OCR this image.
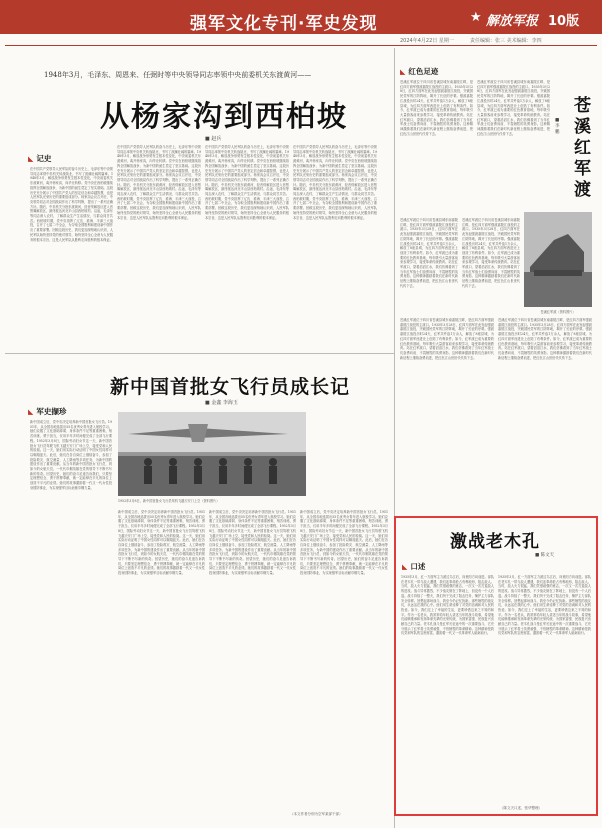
强军文化专刊·军史发现	★ 解放军报 10版
2024年4月22日 星期一	责任编辑：张三 美术编辑：李四
1948年3月，毛泽东、周恩来、任弼时等中央领导同志率领中央前委机关东渡黄河——
从杨家沟到西柏坡
■ 赵兵
◣ 记史
在中国共产党领导人民军队的奋斗历史上，毛泽东等中央领导同志率领中央机关转战陕北，书写了波澜壮阔的篇章。1948年3月，解放战争形势发生根本性变化，中央前委机关东渡黄河，离开杨家沟，向华北转移。党中央在西柏坡继续指挥全国解放战争，为新中国的诞生奠定了坚实基础。这段历史充分展示了中国共产党人的坚定信念和卓越智慧，也是人民军队光荣历史的重要组成部分。杨家沟会议召开后，中央领导同志对全国战局作出了科学判断，提出了一系列正确方针。随后，中央机关分批东渡黄河，经晋绥解放区进入晋察冀解放区，最终抵达河北平山县西柏坡村。沿途，毛泽东等同志深入农村，了解群众生产生活情况，与群众同甘共苦。西柏坡时期，党中央指挥了辽沈、淮海、平津三大战役，召开了七届二中全会，为夺取全国胜利和建设新中国作出了重要部署。回顾这段历史，我们更加深刻地认识到，人民军队始终坚持党的绝对领导，始终坚持全心全意为人民服务的根本宗旨，这是人民军队从胜利走向胜利的根本保证。
在中国共产党领导人民军队的奋斗历史上，毛泽东等中央领导同志率领中央机关转战陕北，书写了波澜壮阔的篇章。1948年3月，解放战争形势发生根本性变化，中央前委机关东渡黄河，离开杨家沟，向华北转移。党中央在西柏坡继续指挥全国解放战争，为新中国的诞生奠定了坚实基础。这段历史充分展示了中国共产党人的坚定信念和卓越智慧，也是人民军队光荣历史的重要组成部分。杨家沟会议召开后，中央领导同志对全国战局作出了科学判断，提出了一系列正确方针。随后，中央机关分批东渡黄河，经晋绥解放区进入晋察冀解放区，最终抵达河北平山县西柏坡村。沿途，毛泽东等同志深入农村，了解群众生产生活情况，与群众同甘共苦。西柏坡时期，党中央指挥了辽沈、淮海、平津三大战役，召开了七届二中全会，为夺取全国胜利和建设新中国作出了重要部署。回顾这段历史，我们更加深刻地认识到，人民军队始终坚持党的绝对领导，始终坚持全心全意为人民服务的根本宗旨，这是人民军队从胜利走向胜利的根本保证。
在中国共产党领导人民军队的奋斗历史上，毛泽东等中央领导同志率领中央机关转战陕北，书写了波澜壮阔的篇章。1948年3月，解放战争形势发生根本性变化，中央前委机关东渡黄河，离开杨家沟，向华北转移。党中央在西柏坡继续指挥全国解放战争，为新中国的诞生奠定了坚实基础。这段历史充分展示了中国共产党人的坚定信念和卓越智慧，也是人民军队光荣历史的重要组成部分。杨家沟会议召开后，中央领导同志对全国战局作出了科学判断，提出了一系列正确方针。随后，中央机关分批东渡黄河，经晋绥解放区进入晋察冀解放区，最终抵达河北平山县西柏坡村。沿途，毛泽东等同志深入农村，了解群众生产生活情况，与群众同甘共苦。西柏坡时期，党中央指挥了辽沈、淮海、平津三大战役，召开了七届二中全会，为夺取全国胜利和建设新中国作出了重要部署。回顾这段历史，我们更加深刻地认识到，人民军队始终坚持党的绝对领导，始终坚持全心全意为人民服务的根本宗旨，这是人民军队从胜利走向胜利的根本保证。
在中国共产党领导人民军队的奋斗历史上，毛泽东等中央领导同志率领中央机关转战陕北，书写了波澜壮阔的篇章。1948年3月，解放战争形势发生根本性变化，中央前委机关东渡黄河，离开杨家沟，向华北转移。党中央在西柏坡继续指挥全国解放战争，为新中国的诞生奠定了坚实基础。这段历史充分展示了中国共产党人的坚定信念和卓越智慧，也是人民军队光荣历史的重要组成部分。杨家沟会议召开后，中央领导同志对全国战局作出了科学判断，提出了一系列正确方针。随后，中央机关分批东渡黄河，经晋绥解放区进入晋察冀解放区，最终抵达河北平山县西柏坡村。沿途，毛泽东等同志深入农村，了解群众生产生活情况，与群众同甘共苦。西柏坡时期，党中央指挥了辽沈、淮海、平津三大战役，召开了七届二中全会，为夺取全国胜利和建设新中国作出了重要部署。回顾这段历史，我们更加深刻地认识到，人民军队始终坚持党的绝对领导，始终坚持全心全意为人民服务的根本宗旨，这是人民军队从胜利走向胜利的根本保证。
新中国首批女飞行员成长记
■ 金鑫 李海玉
◣ 军史撷珍
新中国成立后，党中央决定培养新中国首批女飞行员。1951年，从全国各地选拔出55名优秀女青年进入航校学习。她们克服了文化基础薄弱、身体条件不足等重重困难，刻苦训练，勇于担当，仅用半年多时间便完成了全部飞行课程。1952年3月8日，国际劳动妇女节这一天，新中国首批女飞行员驾驶飞机飞越天安门广场上空，接受党和人民的检阅。这一天，她们用实际行动证明了中国女性同样可以翱翔蓝天。此后，她们在各自岗位上继续奋斗，参加了抢险救灾、航空测量、人工降雨等多项任务，为新中国的建设作出了重要贡献。从当年的新中国首批女飞行员，到如今的女航天员，一代代巾帼英雄在党的领导下不断书写新的传奇。回望历史，她们的奋斗足迹告诉我们，只要坚定理想信念、勇于拼搏奉献，就一定能够在平凡的岗位上创造不平凡的业绩。她们的故事激励着一代又一代女性投身国防事业，为实现强军目标贡献巾帼力量。
1952年3月8日，新中国首批女飞行员驾机飞越天安门上空（资料图片）
新中国成立后，党中央决定培养新中国首批女飞行员。1951年，从全国各地选拔出55名优秀女青年进入航校学习。她们克服了文化基础薄弱、身体条件不足等重重困难，刻苦训练，勇于担当，仅用半年多时间便完成了全部飞行课程。1952年3月8日，国际劳动妇女节这一天，新中国首批女飞行员驾驶飞机飞越天安门广场上空，接受党和人民的检阅。这一天，她们用实际行动证明了中国女性同样可以翱翔蓝天。此后，她们在各自岗位上继续奋斗，参加了抢险救灾、航空测量、人工降雨等多项任务，为新中国的建设作出了重要贡献。从当年的新中国首批女飞行员，到如今的女航天员，一代代巾帼英雄在党的领导下不断书写新的传奇。回望历史，她们的奋斗足迹告诉我们，只要坚定理想信念、勇于拼搏奉献，就一定能够在平凡的岗位上创造不平凡的业绩。她们的故事激励着一代又一代女性投身国防事业，为实现强军目标贡献巾帼力量。
新中国成立后，党中央决定培养新中国首批女飞行员。1951年，从全国各地选拔出55名优秀女青年进入航校学习。她们克服了文化基础薄弱、身体条件不足等重重困难，刻苦训练，勇于担当，仅用半年多时间便完成了全部飞行课程。1952年3月8日，国际劳动妇女节这一天，新中国首批女飞行员驾驶飞机飞越天安门广场上空，接受党和人民的检阅。这一天，她们用实际行动证明了中国女性同样可以翱翔蓝天。此后，她们在各自岗位上继续奋斗，参加了抢险救灾、航空测量、人工降雨等多项任务，为新中国的建设作出了重要贡献。从当年的新中国首批女飞行员，到如今的女航天员，一代代巾帼英雄在党的领导下不断书写新的传奇。回望历史，她们的奋斗足迹告诉我们，只要坚定理想信念、勇于拼搏奉献，就一定能够在平凡的岗位上创造不平凡的业绩。她们的故事激励着一代又一代女性投身国防事业，为实现强军目标贡献巾帼力量。
新中国成立后，党中央决定培养新中国首批女飞行员。1951年，从全国各地选拔出55名优秀女青年进入航校学习。她们克服了文化基础薄弱、身体条件不足等重重困难，刻苦训练，勇于担当，仅用半年多时间便完成了全部飞行课程。1952年3月8日，国际劳动妇女节这一天，新中国首批女飞行员驾驶飞机飞越天安门广场上空，接受党和人民的检阅。这一天，她们用实际行动证明了中国女性同样可以翱翔蓝天。此后，她们在各自岗位上继续奋斗，参加了抢险救灾、航空测量、人工降雨等多项任务，为新中国的建设作出了重要贡献。从当年的新中国首批女飞行员，到如今的女航天员，一代代巾帼英雄在党的领导下不断书写新的传奇。回望历史，她们的奋斗足迹告诉我们，只要坚定理想信念、勇于拼搏奉献，就一定能够在平凡的岗位上创造不平凡的业绩。她们的故事激励着一代又一代女性投身国防事业，为实现强军目标贡献巾帼力量。
（本文作者分别为空军某部干部）
◣ 红色足迹
苍溪红军渡
■ 李鹏
苍溪红军渡位于四川省苍溪县城东南嘉陵江畔，是红四方面军强渡嘉陵江战役的主渡口。1935年3月28日，红四方面军在此发起强渡嘉陵江战役，突破国民党军的江防阵地，揭开了长征的序幕。强渡嘉陵江战役历时24天，红军共歼敌1万余人，解放了8座县城，为红四方面军西进北上创造了有利条件。如今，红军渡已成为重要的红色教育基地，每年吸引大量游客前来参观学习，接受革命传统教育。站在红军渡口，望着滔滔江水，我们仿佛看到了当年红军战士们奋勇向前、不畏牺牲的英勇身影。这种精神激励着我们在新时代新征程上继续奋勇前进，把红色江山世世代代传下去。
苍溪红军渡位于四川省苍溪县城东南嘉陵江畔，是红四方面军强渡嘉陵江战役的主渡口。1935年3月28日，红四方面军在此发起强渡嘉陵江战役，突破国民党军的江防阵地，揭开了长征的序幕。强渡嘉陵江战役历时24天，红军共歼敌1万余人，解放了8座县城，为红四方面军西进北上创造了有利条件。如今，红军渡已成为重要的红色教育基地，每年吸引大量游客前来参观学习，接受革命传统教育。站在红军渡口，望着滔滔江水，我们仿佛看到了当年红军战士们奋勇向前、不畏牺牲的英勇身影。这种精神激励着我们在新时代新征程上继续奋勇前进，把红色江山世世代代传下去。
苍溪红军渡（资料图片）
苍溪红军渡位于四川省苍溪县城东南嘉陵江畔，是红四方面军强渡嘉陵江战役的主渡口。1935年3月28日，红四方面军在此发起强渡嘉陵江战役，突破国民党军的江防阵地，揭开了长征的序幕。强渡嘉陵江战役历时24天，红军共歼敌1万余人，解放了8座县城，为红四方面军西进北上创造了有利条件。如今，红军渡已成为重要的红色教育基地，每年吸引大量游客前来参观学习，接受革命传统教育。站在红军渡口，望着滔滔江水，我们仿佛看到了当年红军战士们奋勇向前、不畏牺牲的英勇身影。这种精神激励着我们在新时代新征程上继续奋勇前进，把红色江山世世代代传下去。
苍溪红军渡位于四川省苍溪县城东南嘉陵江畔，是红四方面军强渡嘉陵江战役的主渡口。1935年3月28日，红四方面军在此发起强渡嘉陵江战役，突破国民党军的江防阵地，揭开了长征的序幕。强渡嘉陵江战役历时24天，红军共歼敌1万余人，解放了8座县城，为红四方面军西进北上创造了有利条件。如今，红军渡已成为重要的红色教育基地，每年吸引大量游客前来参观学习，接受革命传统教育。站在红军渡口，望着滔滔江水，我们仿佛看到了当年红军战士们奋勇向前、不畏牺牲的英勇身影。这种精神激励着我们在新时代新征程上继续奋勇前进，把红色江山世世代代传下去。
苍溪红军渡位于四川省苍溪县城东南嘉陵江畔，是红四方面军强渡嘉陵江战役的主渡口。1935年3月28日，红四方面军在此发起强渡嘉陵江战役，突破国民党军的江防阵地，揭开了长征的序幕。强渡嘉陵江战役历时24天，红军共歼敌1万余人，解放了8座县城，为红四方面军西进北上创造了有利条件。如今，红军渡已成为重要的红色教育基地，每年吸引大量游客前来参观学习，接受革命传统教育。站在红军渡口，望着滔滔江水，我们仿佛看到了当年红军战士们奋勇向前、不畏牺牲的英勇身影。这种精神激励着我们在新时代新征程上继续奋勇前进，把红色江山世世代代传下去。
苍溪红军渡位于四川省苍溪县城东南嘉陵江畔，是红四方面军强渡嘉陵江战役的主渡口。1935年3月28日，红四方面军在此发起强渡嘉陵江战役，突破国民党军的江防阵地，揭开了长征的序幕。强渡嘉陵江战役历时24天，红军共歼敌1万余人，解放了8座县城，为红四方面军西进北上创造了有利条件。如今，红军渡已成为重要的红色教育基地，每年吸引大量游客前来参观学习，接受革命传统教育。站在红军渡口，望着滔滔江水，我们仿佛看到了当年红军战士们奋勇向前、不畏牺牲的英勇身影。这种精神激励着我们在新时代新征程上继续奋勇前进，把红色江山世世代代传下去。
激战老木孔
■ 陈文天
◣ 口述
1935年3月，红一方面军主力渡过乌江后，向贵阳方向前进。部队在老木孔一带与敌人遭遇，我们连奉命抢占有利地形，阻击敌人。当时，敌人火力很猛，我们凭借顽强的意志，一次又一次打退敌人的进攻。战斗异常激烈，不少战友倒在了阵地上，但没有一个人后退。战斗持续了一整天，我们终于完成了阻击任务，掩护主力部队安全转移。回想起那场战斗，我至今仍记忆犹新。那些牺牲的战友们，永远活在我的心中。他们用生命诠释了对党的忠诚和对人民的热爱。如今，我们过上了幸福的生活，更要珍惜这来之不易的和平。作为一名老兵，我常常给年轻人讲述当年的战斗故事，希望他们能够继承和发扬革命先辈的光荣传统，为国家富强、民族复兴贡献自己的力量。老木孔战斗是红军长征途中的一次重要战斗，它充分展示了红军将士英勇顽强、不怕牺牲的革命精神。这种精神是我们党和军队的宝贵财富，激励着一代又一代革命军人砥砺前行。
1935年3月，红一方面军主力渡过乌江后，向贵阳方向前进。部队在老木孔一带与敌人遭遇，我们连奉命抢占有利地形，阻击敌人。当时，敌人火力很猛，我们凭借顽强的意志，一次又一次打退敌人的进攻。战斗异常激烈，不少战友倒在了阵地上，但没有一个人后退。战斗持续了一整天，我们终于完成了阻击任务，掩护主力部队安全转移。回想起那场战斗，我至今仍记忆犹新。那些牺牲的战友们，永远活在我的心中。他们用生命诠释了对党的忠诚和对人民的热爱。如今，我们过上了幸福的生活，更要珍惜这来之不易的和平。作为一名老兵，我常常给年轻人讲述当年的战斗故事，希望他们能够继承和发扬革命先辈的光荣传统，为国家富强、民族复兴贡献自己的力量。老木孔战斗是红军长征途中的一次重要战斗，它充分展示了红军将士英勇顽强、不怕牺牲的革命精神。这种精神是我们党和军队的宝贵财富，激励着一代又一代革命军人砥砺前行。
（陈文天口述，张华整理）
